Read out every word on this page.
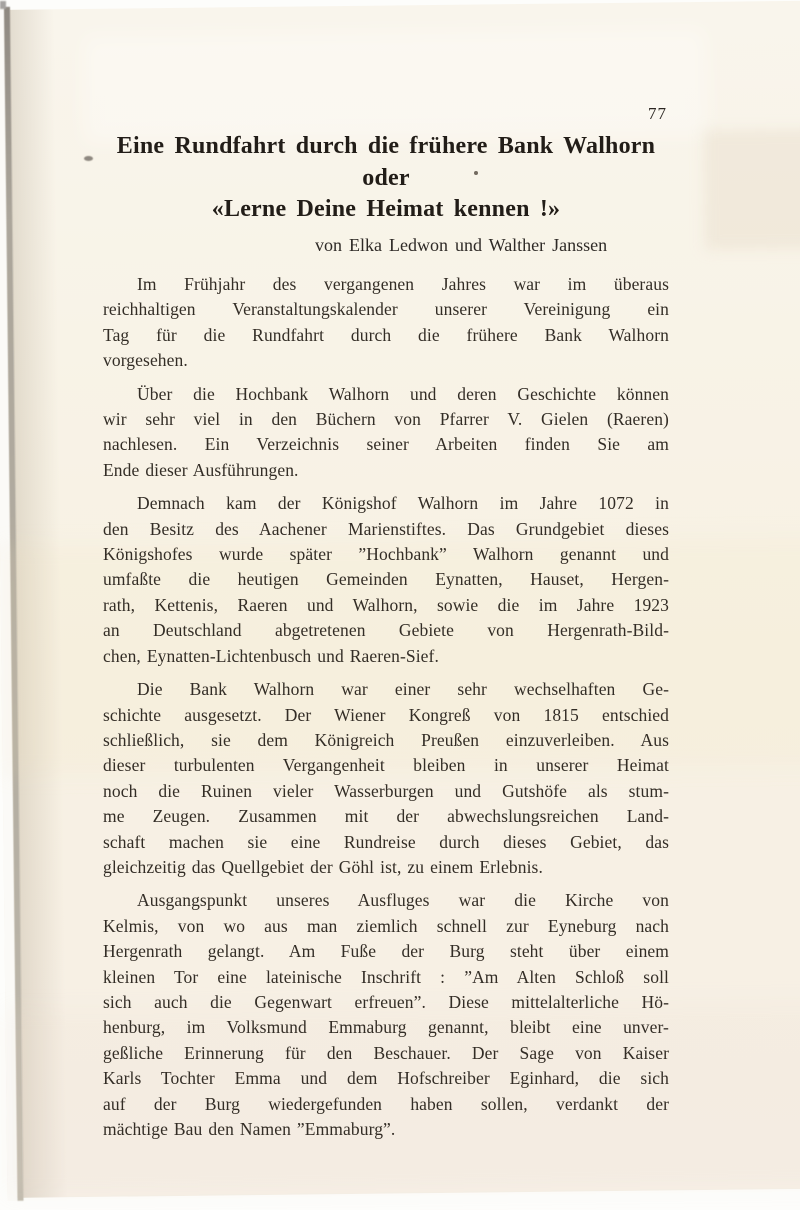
77
Eine Rundfahrt durch die frühere Bank Walhorn
oder
«Lerne Deine Heimat kennen !»
von Elka Ledwon und Walther Janssen
Im Frühjahr des vergangenen Jahres war im überaus
reichhaltigen Veranstaltungskalender unserer Vereinigung ein
Tag für die Rundfahrt durch die frühere Bank Walhorn
vorgesehen.
Über die Hochbank Walhorn und deren Geschichte können
wir sehr viel in den Büchern von Pfarrer V. Gielen (Raeren)
nachlesen. Ein Verzeichnis seiner Arbeiten finden Sie am
Ende dieser Ausführungen.
Demnach kam der Königshof Walhorn im Jahre 1072 in
den Besitz des Aachener Marienstiftes. Das Grundgebiet dieses
Königshofes wurde später ”Hochbank” Walhorn genannt und
umfaßte die heutigen Gemeinden Eynatten, Hauset, Hergen-
rath, Kettenis, Raeren und Walhorn, sowie die im Jahre 1923
an Deutschland abgetretenen Gebiete von Hergenrath-Bild-
chen, Eynatten-Lichtenbusch und Raeren-Sief.
Die Bank Walhorn war einer sehr wechselhaften Ge-
schichte ausgesetzt. Der Wiener Kongreß von 1815 entschied
schließlich, sie dem Königreich Preußen einzuverleiben. Aus
dieser turbulenten Vergangenheit bleiben in unserer Heimat
noch die Ruinen vieler Wasserburgen und Gutshöfe als stum-
me Zeugen. Zusammen mit der abwechslungsreichen Land-
schaft machen sie eine Rundreise durch dieses Gebiet, das
gleichzeitig das Quellgebiet der Göhl ist, zu einem Erlebnis.
Ausgangspunkt unseres Ausfluges war die Kirche von
Kelmis, von wo aus man ziemlich schnell zur Eyneburg nach
Hergenrath gelangt. Am Fuße der Burg steht über einem
kleinen Tor eine lateinische Inschrift : ”Am Alten Schloß soll
sich auch die Gegenwart erfreuen”. Diese mittelalterliche Hö-
henburg, im Volksmund Emmaburg genannt, bleibt eine unver-
geßliche Erinnerung für den Beschauer. Der Sage von Kaiser
Karls Tochter Emma und dem Hofschreiber Eginhard, die sich
auf der Burg wiedergefunden haben sollen, verdankt der
mächtige Bau den Namen ”Emmaburg”.
